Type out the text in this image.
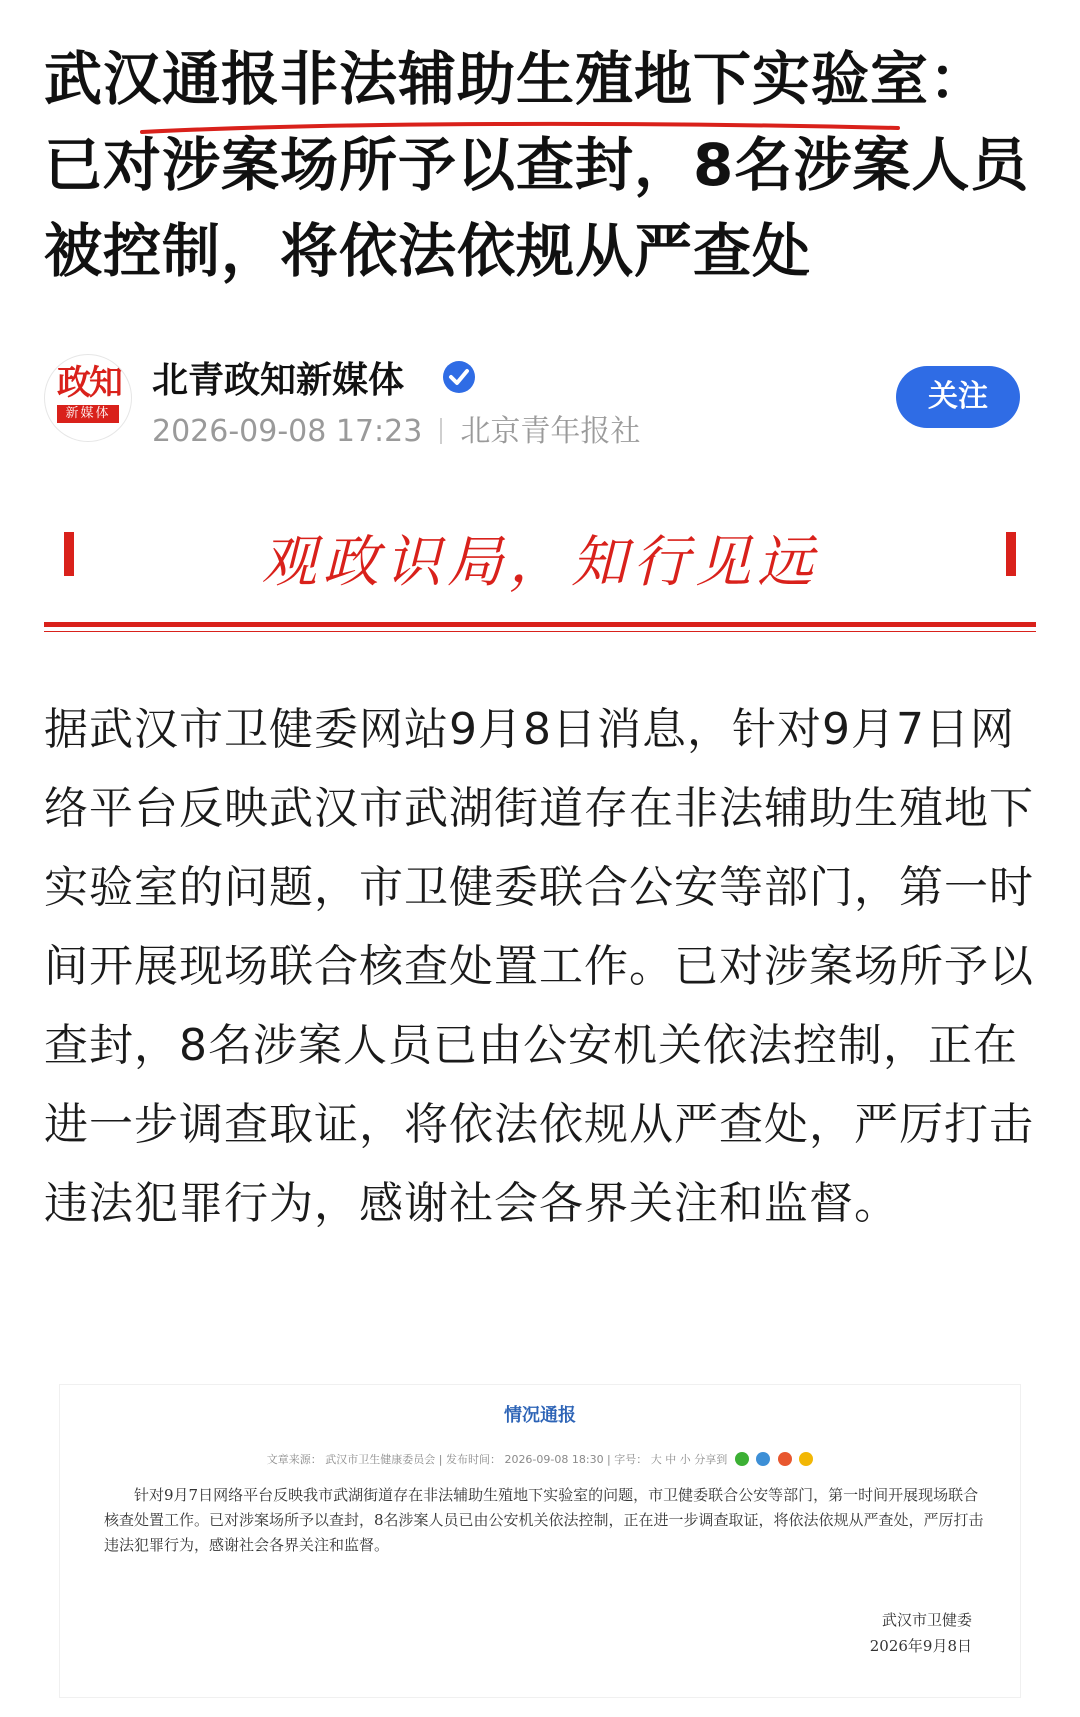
武汉通报非法辅助生殖地下实验室：已对涉案场所予以查封，8名涉案人员被控制，将依法依规从严查处
政知
新媒体
北青政知新媒体
2026-09-08 17:23 北京青年报社
关注
观政识局，知行见远

据武汉市卫健委网站9月8日消息，针对9月7日网络平台反映武汉市武湖街道存在非法辅助生殖地下实验室的问题，市卫健委联合公安等部门，第一时间开展现场联合核查处置工作。已对涉案场所予以查封，8名涉案人员已由公安机关依法控制，正在进一步调查取证，将依法依规从严查处，严厉打击违法犯罪行为，感谢社会各界关注和监督。

情况通报
文章来源： 武汉市卫生健康委员会 | 发布时间： 2026-09-08 18:30 | 字号： 大 中 小 分享到

针对9月7日网络平台反映我市武湖街道存在非法辅助生殖地下实验室的问题，市卫健委联合公安等部门，第一时间开展现场联合核查处置工作。已对涉案场所予以查封，8名涉案人员已由公安机关依法控制，正在进一步调查取证，将依法依规从严查处，严厉打击违法犯罪行为，感谢社会各界关注和监督。

武汉市卫健委
2026年9月8日
